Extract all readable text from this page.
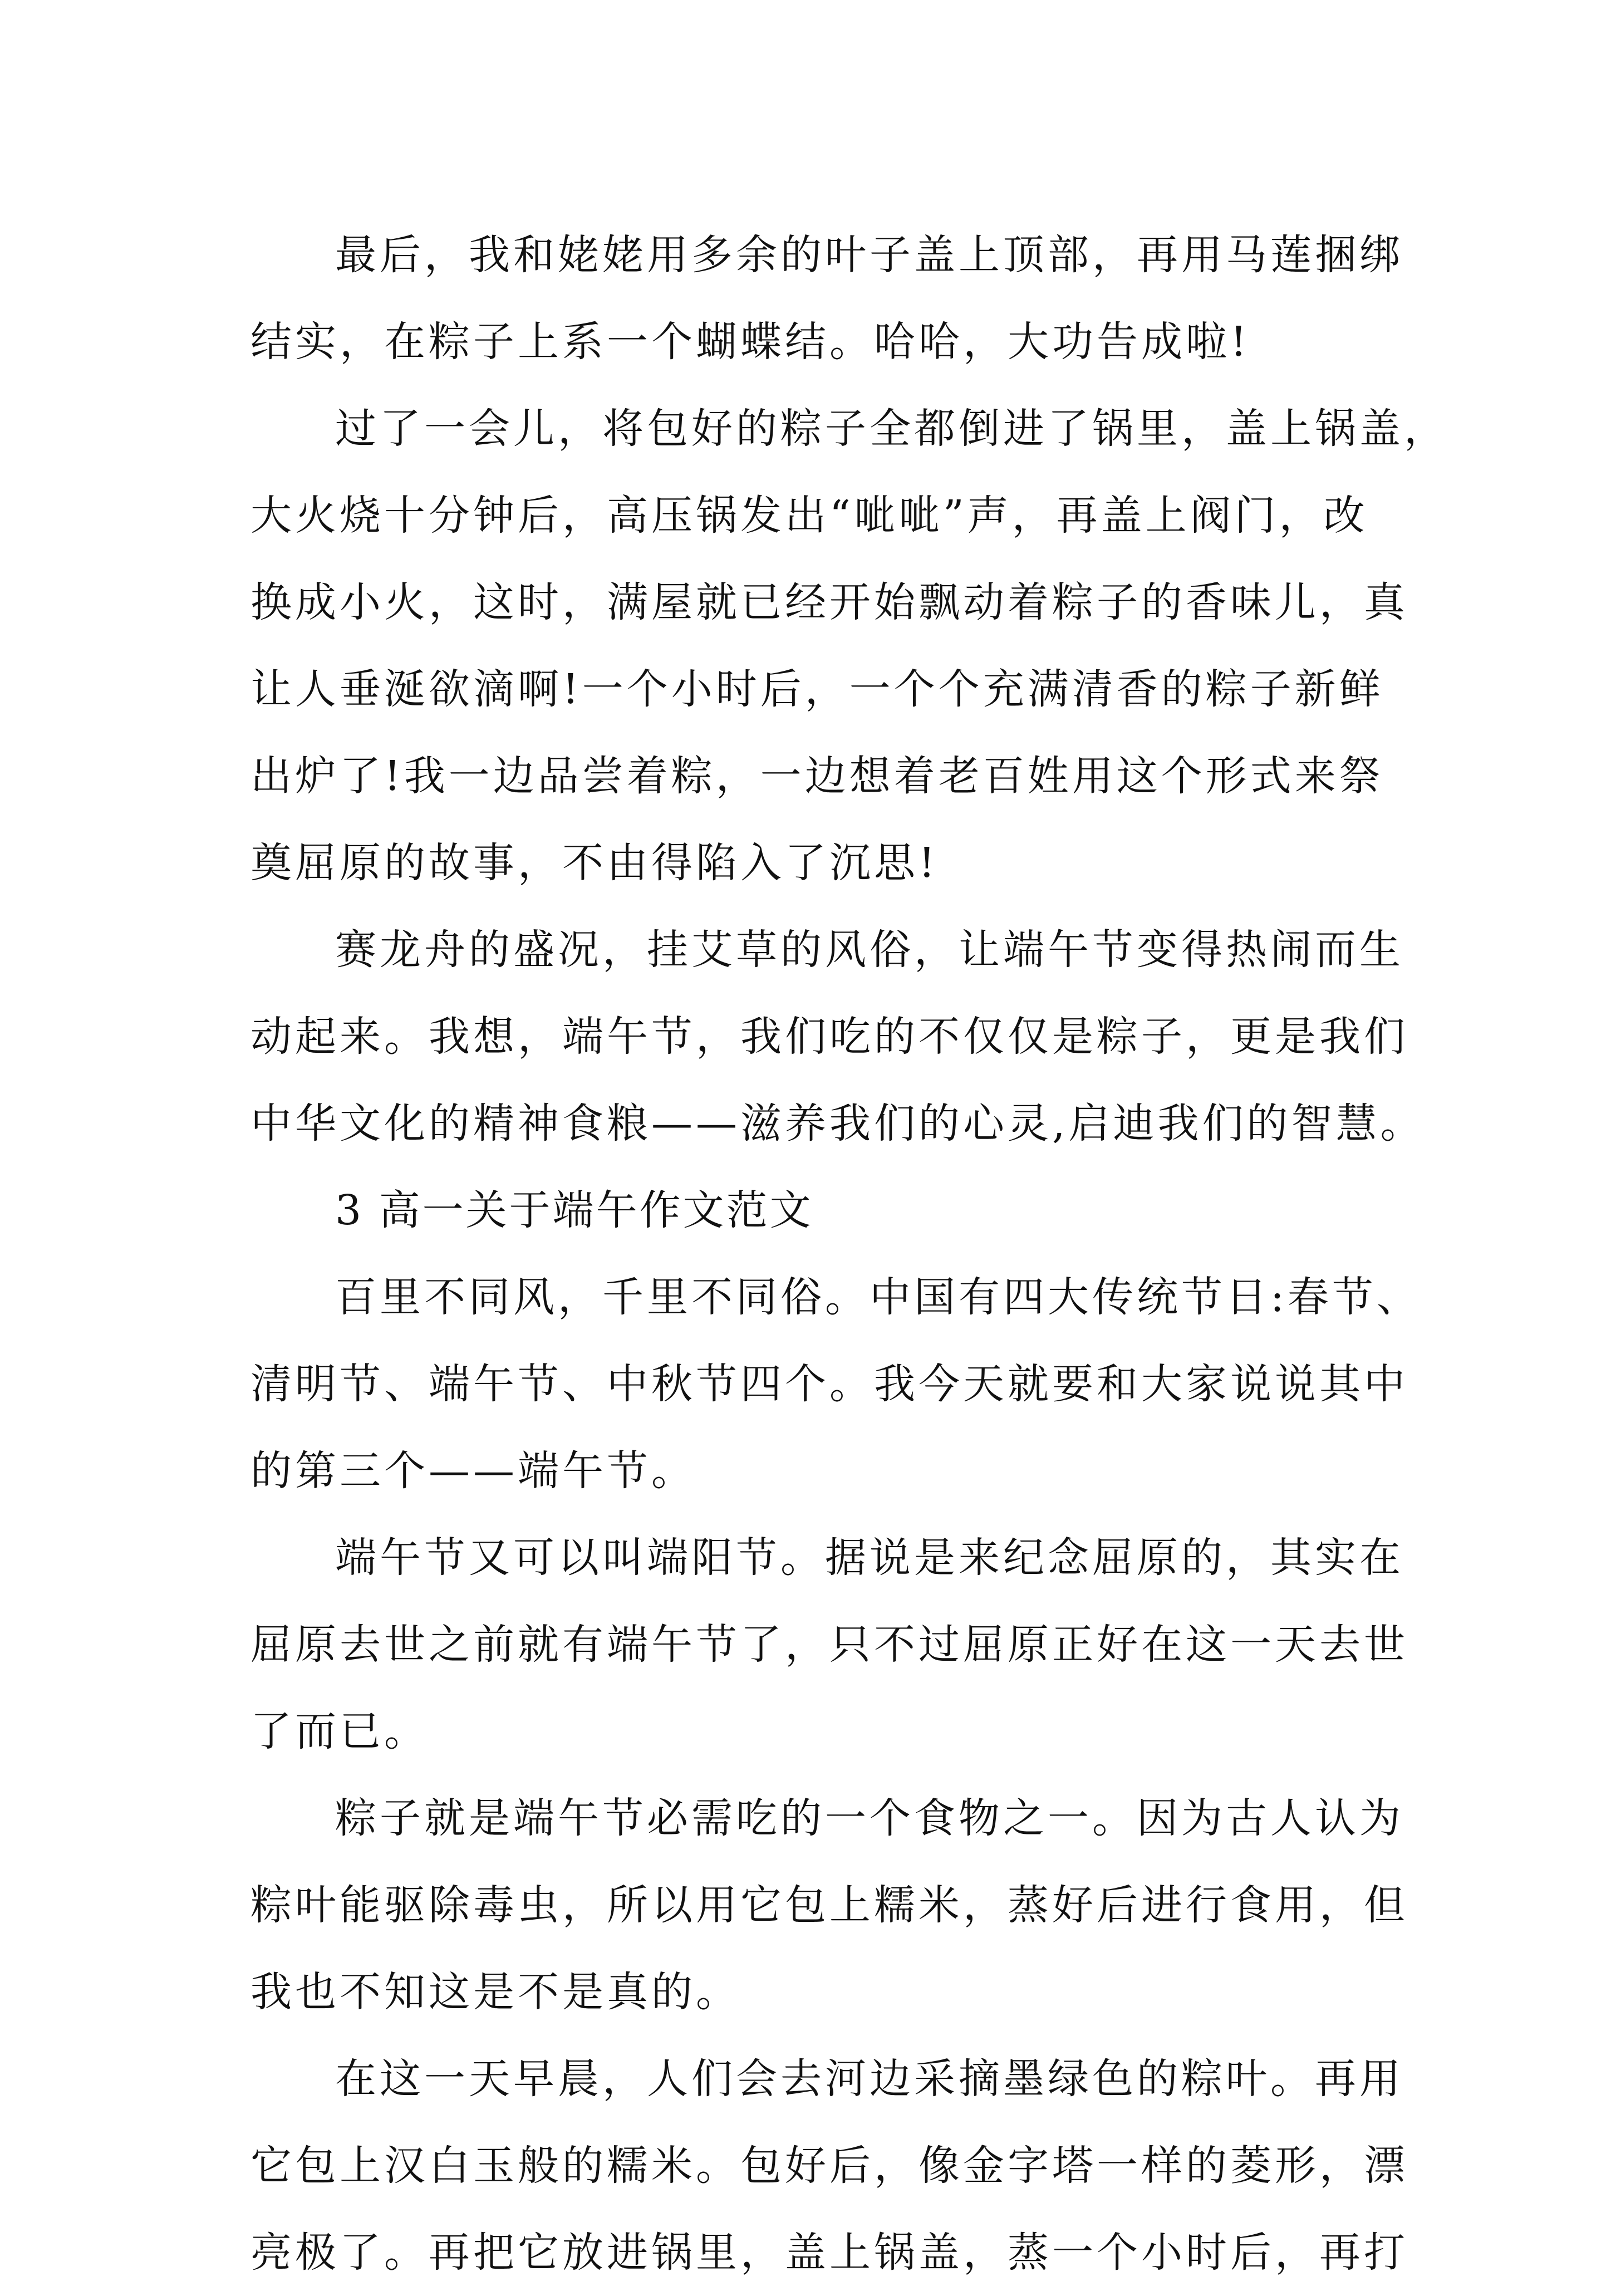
最后，我和姥姥用多余的叶子盖上顶部，再用马莲捆绑
结实，在粽子上系一个蝴蝶结。哈哈，大功告成啦!
过了一会儿，将包好的粽子全都倒进了锅里，盖上锅盖，
大火烧十分钟后，高压锅发出“呲呲”声，再盖上阀门，改
换成小火，这时，满屋就已经开始飘动着粽子的香味儿，真
让人垂涎欲滴啊!一个小时后，一个个充满清香的粽子新鲜
出炉了!我一边品尝着粽，一边想着老百姓用这个形式来祭
奠屈原的故事，不由得陷入了沉思!
赛龙舟的盛况，挂艾草的风俗，让端午节变得热闹而生
动起来。我想，端午节，我们吃的不仅仅是粽子，更是我们
中华文化的精神食粮——滋养我们的心灵,启迪我们的智慧。
3 高一关于端午作文范文
百里不同风，千里不同俗。中国有四大传统节日:春节、
清明节、端午节、中秋节四个。我今天就要和大家说说其中
的第三个——端午节。
端午节又可以叫端阳节。据说是来纪念屈原的，其实在
屈原去世之前就有端午节了，只不过屈原正好在这一天去世
了而已。
粽子就是端午节必需吃的一个食物之一。因为古人认为
粽叶能驱除毒虫，所以用它包上糯米，蒸好后进行食用，但
我也不知这是不是真的。
在这一天早晨，人们会去河边采摘墨绿色的粽叶。再用
它包上汉白玉般的糯米。包好后，像金字塔一样的菱形，漂
亮极了。再把它放进锅里，盖上锅盖，蒸一个小时后，再打
